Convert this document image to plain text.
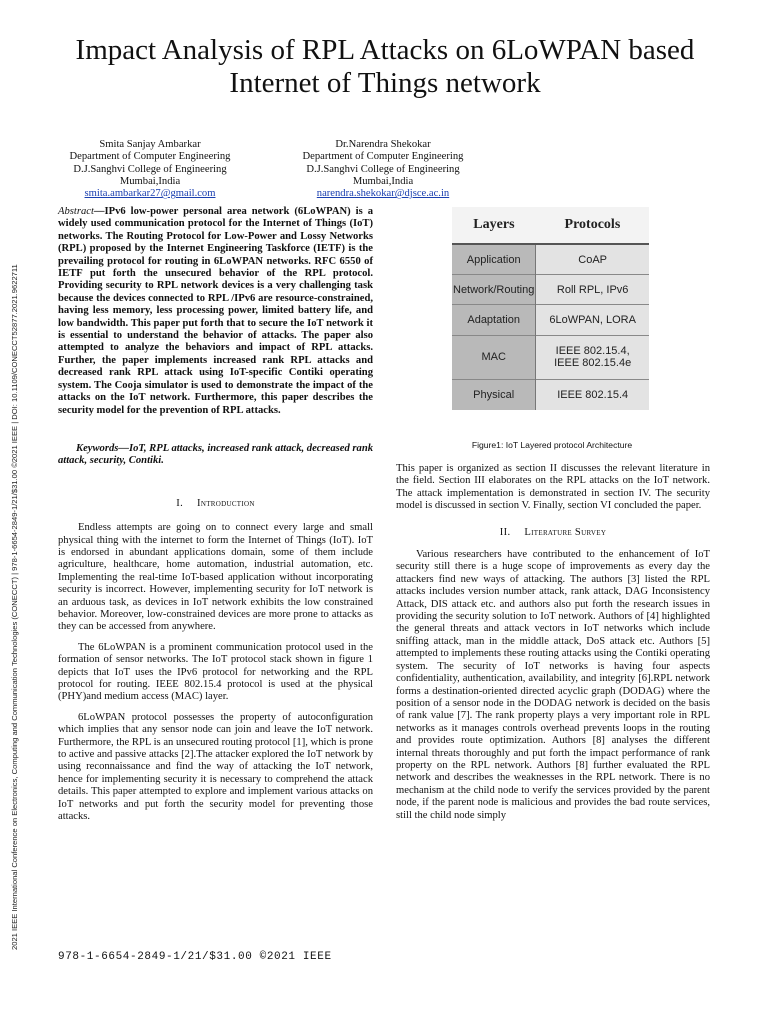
Impact Analysis of RPL Attacks on 6LoWPAN based Internet of Things network
2021 IEEE International Conference on Electronics, Computing and Communication Technologies (CONECCT) | 978-1-6654-2849-1/21/$31.00 ©2021 IEEE | DOI: 10.1109/CONECCT52877.2021.9622711
Smita Sanjay Ambarkar
Department of Computer Engineering
D.J.Sanghvi College of Engineering
Mumbai,India
smita.ambarkar27@gmail.com
Dr.Narendra Shekokar
Department of Computer Engineering
D.J.Sanghvi College of Engineering
Mumbai,India
narendra.shekokar@djsce.ac.in

Abstract—IPv6 low-power personal area network (6LoWPAN) is a widely used communication protocol for the Internet of Things (IoT) networks. The Routing Protocol for Low-Power and Lossy Networks (RPL) proposed by the Internet Engineering Taskforce (IETF) is the prevailing protocol for routing in 6LoWPAN networks. RFC 6550 of IETF put forth the unsecured behavior of the RPL protocol. Providing security to RPL network devices is a very challenging task because the devices connected to RPL /IPv6 are resource-constrained, having less memory, less processing power, limited battery life, and low bandwidth. This paper put forth that to secure the IoT network it is essential to understand the behavior of attacks. The paper also attempted to analyze the behaviors and impact of RPL attacks. Further, the paper implements increased rank RPL attacks and decreased rank RPL attack using IoT-specific Contiki operating system. The Cooja simulator is used to demonstrate the impact of the attacks on the IoT network. Furthermore, this paper describes the security model for the prevention of RPL attacks.

Keywords—IoT, RPL attacks, increased rank attack, decreased rank attack, security, Contiki.

I. Introduction

Endless attempts are going on to connect every large and small physical thing with the internet to form the Internet of Things (IoT). IoT is endorsed in abundant applications domain, some of them include agriculture, healthcare, home automation, industrial automation, etc. Implementing the real-time IoT-based application without incorporating security is incorrect. However, implementing security for IoT network is an arduous task, as devices in IoT network exhibits the low constrained behavior. Moreover, low-constrained devices are more prone to attacks as they can be accessed from anywhere.

The 6LoWPAN is a prominent communication protocol used in the formation of sensor networks. The IoT protocol stack shown in figure 1 depicts that IoT uses the IPv6 protocol for networking and the RPL protocol for routing. IEEE 802.15.4 protocol is used at the physical (PHY)and medium access (MAC) layer.

6LoWPAN protocol possesses the property of autoconfiguration which implies that any sensor node can join and leave the IoT network. Furthermore, the RPL is an unsecured routing protocol [1], which is prone to active and passive attacks [2].The attacker explored the IoT network by using reconnaissance and find the way of attacking the IoT network, hence for implementing security it is necessary to comprehend the attack details. This paper attempted to explore and implement various attacks on IoT networks and put forth the security model for preventing those attacks.

Layers	Protocols
Application	CoAP
Network/Routing	Roll RPL, IPv6
Adaptation	6LoWPAN, LORA
MAC	IEEE 802.15.4, IEEE 802.15.4e
Physical	IEEE 802.15.4
Figure1: IoT Layered protocol Architecture

This paper is organized as section II discusses the relevant literature in the field. Section III elaborates on the RPL attacks on the IoT network. The attack implementation is demonstrated in section IV. The security model is discussed in section V. Finally, section VI concluded the paper.

II. Literature Survey

Various researchers have contributed to the enhancement of IoT security still there is a huge scope of improvements as every day the attackers find new ways of attacking. The authors [3] listed the RPL attacks includes version number attack, rank attack, DAG Inconsistency Attack, DIS attack etc. and authors also put forth the research issues in providing the security solution to IoT network. Authors of [4] highlighted the general threats and attack vectors in IoT networks which include sniffing attack, man in the middle attack, DoS attack etc. Authors [5] attempted to implements these routing attacks using the Contiki operating system. The security of IoT networks is having four aspects confidentiality, authentication, availability, and integrity [6].RPL network forms a destination-oriented directed acyclic graph (DODAG) where the position of a sensor node in the DODAG network is decided on the basis of rank value [7]. The rank property plays a very important role in RPL networks as it manages controls overhead prevents loops in the routing and provides route optimization. Authors [8] analyses the different internal threats thoroughly and put forth the impact performance of rank property on the RPL network. Authors [8] further evaluated the RPL network and describes the weaknesses in the RPL network. There is no mechanism at the child node to verify the services provided by the parent node, if the parent node is malicious and provides the bad route services, still the child node simply

978-1-6654-2849-1/21/$31.00 ©2021 IEEE
